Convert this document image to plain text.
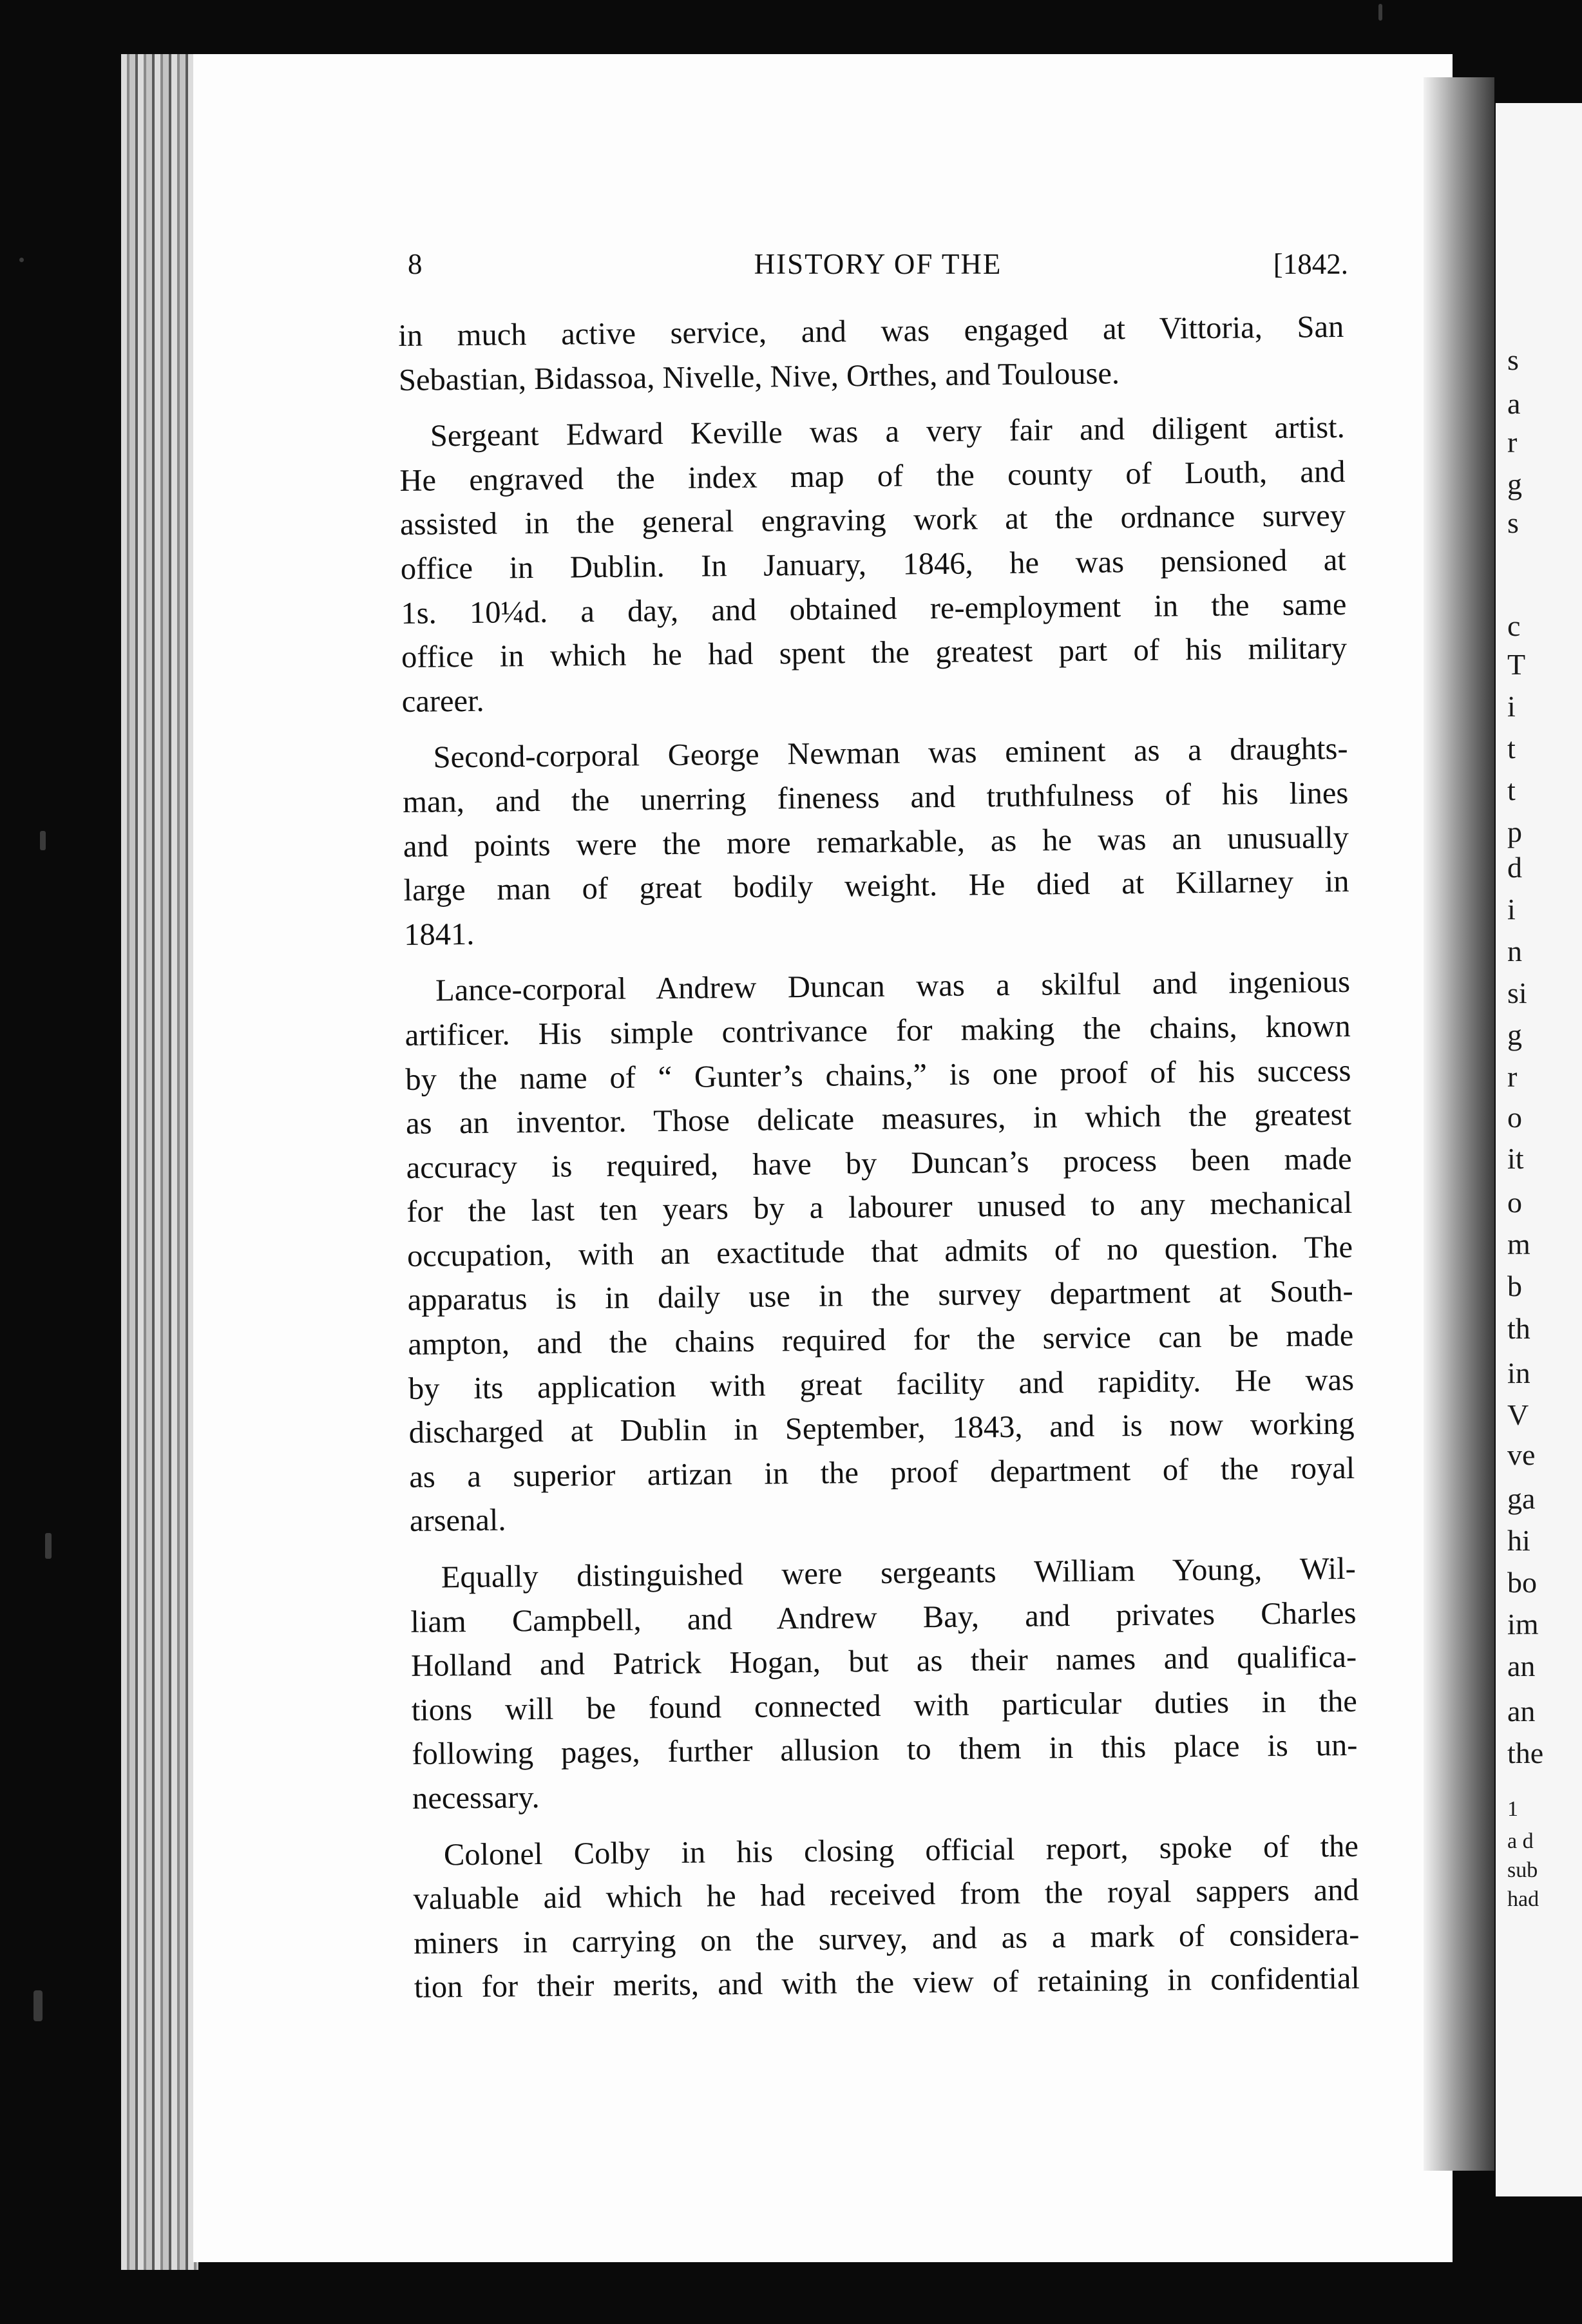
s
a
r
g
s
c
T
i
t
t
p
d
i
n
si
g
r
o
it
o
m
b
th
in
V
ve
ga
hi
bo
im
an
an
the
1
a d
sub
had
8	HISTORY OF THE	[1842.

in much active service, and was engaged at Vittoria, San

Sebastian, Bidassoa, Nivelle, Nive, Orthes, and Toulouse.

Sergeant Edward Keville was a very fair and diligent artist.

He engraved the index map of the county of Louth, and

assisted in the general engraving work at the ordnance survey

office in Dublin. In January, 1846, he was pensioned at

1s. 10¼d. a day, and obtained re-employment in the same

office in which he had spent the greatest part of his military

career.

Second-corporal George Newman was eminent as a draughts-

man, and the unerring fineness and truthfulness of his lines

and points were the more remarkable, as he was an unusually

large man of great bodily weight. He died at Killarney in

1841.

Lance-corporal Andrew Duncan was a skilful and ingenious

artificer. His simple contrivance for making the chains, known

by the name of “ Gunter’s chains,” is one proof of his success

as an inventor. Those delicate measures, in which the greatest

accuracy is required, have by Duncan’s process been made

for the last ten years by a labourer unused to any mechanical

occupation, with an exactitude that admits of no question. The

apparatus is in daily use in the survey department at South-

ampton, and the chains required for the service can be made

by its application with great facility and rapidity. He was

discharged at Dublin in September, 1843, and is now working

as a superior artizan in the proof department of the royal

arsenal.

Equally distinguished were sergeants William Young, Wil-

liam Campbell, and Andrew Bay, and privates Charles

Holland and Patrick Hogan, but as their names and qualifica-

tions will be found connected with particular duties in the

following pages, further allusion to them in this place is un-

necessary.

Colonel Colby in his closing official report, spoke of the

valuable aid which he had received from the royal sappers and

miners in carrying on the survey, and as a mark of considera-

tion for their merits, and with the view of retaining in confidential
